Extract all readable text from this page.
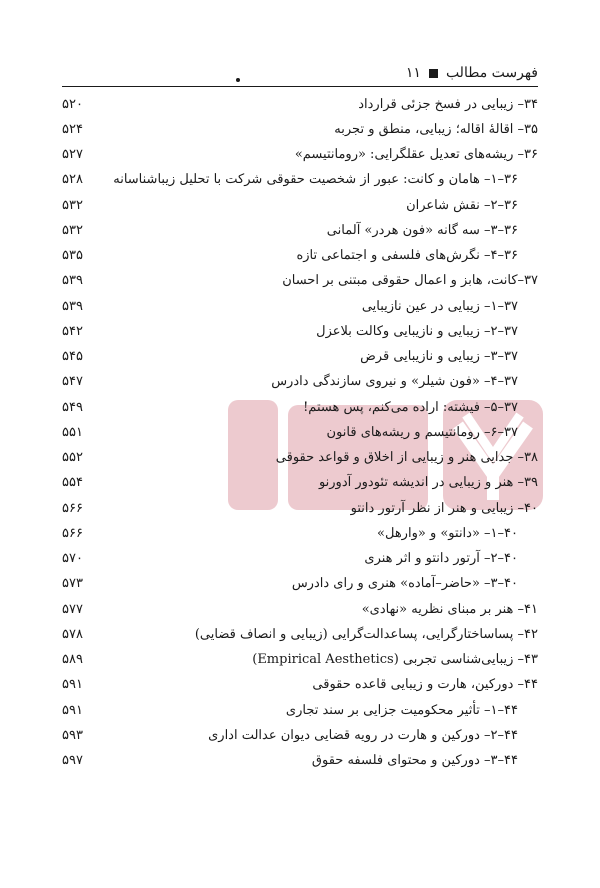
فهرست مطالب
۱۱
۳۴– زیبایی در فسخ جزئی قرارداد
۵۲۰
۳۵– اقالهٔ اقاله؛ زیبایی، منطق و تجربه
۵۲۴
۳۶– ریشه‌های تعدیل عقلگرایی: «رومانتیسم»
۵۲۷
۳۶–۱– هامان و کانت: عبور از شخصیت حقوقی شرکت با تحلیل زیباشناسانه
۵۲۸
۳۶–۲– نقش شاعران
۵۳۲
۳۶–۳– سه گانه «فون هردر» آلمانی
۵۳۲
۳۶–۴– نگرش‌های فلسفی و اجتماعی تازه
۵۳۵
۳۷–کانت، هابز و اعمال حقوقی مبتنی بر احسان
۵۳۹
۳۷–۱– زیبایی در عین نازیبایی
۵۳۹
۳۷–۲– زیبایی و نازیبایی وکالت بلاعزل
۵۴۲
۳۷–۳– زیبایی و نازیبایی قرض
۵۴۵
۳۷–۴– «فون شیلر» و نیروی سازندگی دادرس
۵۴۷
۳۷–۵– فیشته: اراده می‌کنم، پس هستم!
۵۴۹
۳۷–۶– رومانتیسم و ریشه‌های قانون
۵۵۱
۳۸– جدایی هنر و زیبایی از اخلاق و قواعد حقوقی
۵۵۲
۳۹– هنر و زیبایی در اندیشه تئودور آدورنو
۵۵۴
۴۰– زیبایی و هنر از نظر آرتور دانتو
۵۶۶
۴۰–۱– «دانتو» و «وارهل»
۵۶۶
۴۰–۲– آرتور دانتو و اثر هنری
۵۷۰
۴۰–۳– «حاضر–آماده» هنری و رای دادرس
۵۷۳
۴۱– هنر بر مبنای نظریه «نهادی»
۵۷۷
۴۲– پساساختارگرایی، پساعدالت‌گرایی (زیبایی و انصاف قضایی)
۵۷۸
۴۳– زیبایی‌شناسی تجربی (Empirical Aesthetics)
۵۸۹
۴۴– دورکین، هارت و زیبایی قاعده حقوقی
۵۹۱
۴۴–۱– تأثیر محکومیت جزایی بر سند تجاری
۵۹۱
۴۴–۲– دورکین و هارت در رویه قضایی دیوان عدالت اداری
۵۹۳
۴۴–۳– دورکین و محتوای فلسفه حقوق
۵۹۷
